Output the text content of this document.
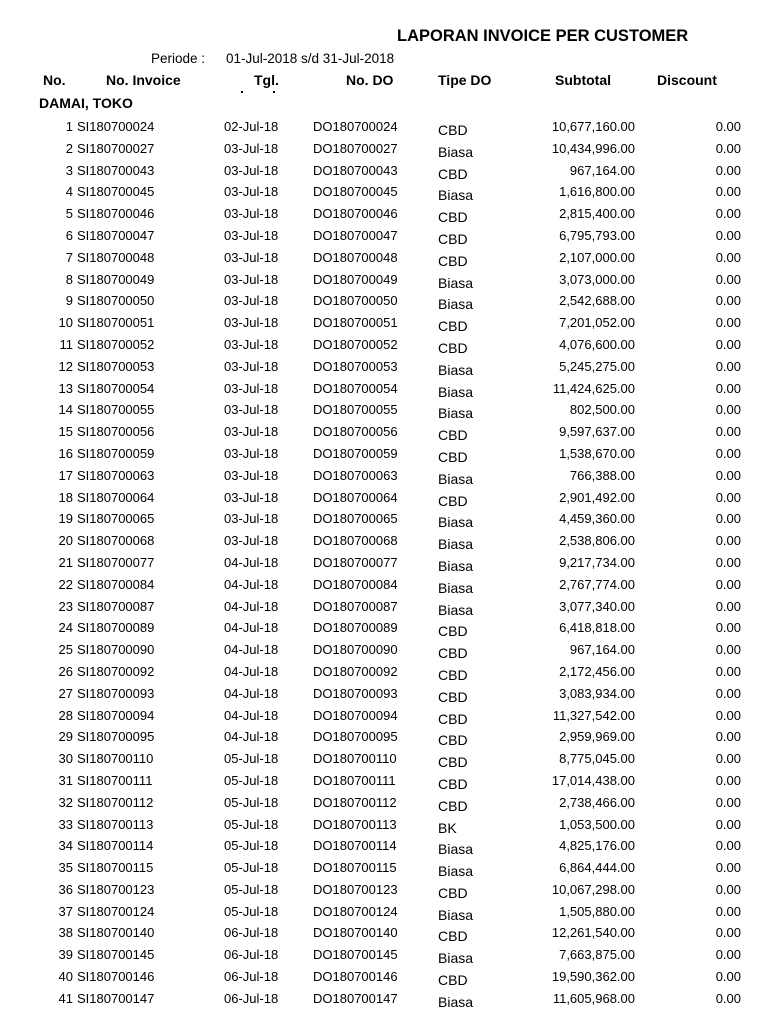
LAPORAN INVOICE PER CUSTOMER
Periode : 01-Jul-2018 s/d 31-Jul-2018
No.	No. Invoice	Tgl.	No. DO	Tipe DO	Subtotal	Discount
DAMAI, TOKO
1 SI180700024	02-Jul-18	DO180700024	CBD	10,677,160.00	0.00
2 SI180700027	03-Jul-18	DO180700027	Biasa	10,434,996.00	0.00
3 SI180700043	03-Jul-18	DO180700043	CBD	967,164.00	0.00
4 SI180700045	03-Jul-18	DO180700045	Biasa	1,616,800.00	0.00
5 SI180700046	03-Jul-18	DO180700046	CBD	2,815,400.00	0.00
6 SI180700047	03-Jul-18	DO180700047	CBD	6,795,793.00	0.00
7 SI180700048	03-Jul-18	DO180700048	CBD	2,107,000.00	0.00
8 SI180700049	03-Jul-18	DO180700049	Biasa	3,073,000.00	0.00
9 SI180700050	03-Jul-18	DO180700050	Biasa	2,542,688.00	0.00
10 SI180700051	03-Jul-18	DO180700051	CBD	7,201,052.00	0.00
11 SI180700052	03-Jul-18	DO180700052	CBD	4,076,600.00	0.00
12 SI180700053	03-Jul-18	DO180700053	Biasa	5,245,275.00	0.00
13 SI180700054	03-Jul-18	DO180700054	Biasa	11,424,625.00	0.00
14 SI180700055	03-Jul-18	DO180700055	Biasa	802,500.00	0.00
15 SI180700056	03-Jul-18	DO180700056	CBD	9,597,637.00	0.00
16 SI180700059	03-Jul-18	DO180700059	CBD	1,538,670.00	0.00
17 SI180700063	03-Jul-18	DO180700063	Biasa	766,388.00	0.00
18 SI180700064	03-Jul-18	DO180700064	CBD	2,901,492.00	0.00
19 SI180700065	03-Jul-18	DO180700065	Biasa	4,459,360.00	0.00
20 SI180700068	03-Jul-18	DO180700068	Biasa	2,538,806.00	0.00
21 SI180700077	04-Jul-18	DO180700077	Biasa	9,217,734.00	0.00
22 SI180700084	04-Jul-18	DO180700084	Biasa	2,767,774.00	0.00
23 SI180700087	04-Jul-18	DO180700087	Biasa	3,077,340.00	0.00
24 SI180700089	04-Jul-18	DO180700089	CBD	6,418,818.00	0.00
25 SI180700090	04-Jul-18	DO180700090	CBD	967,164.00	0.00
26 SI180700092	04-Jul-18	DO180700092	CBD	2,172,456.00	0.00
27 SI180700093	04-Jul-18	DO180700093	CBD	3,083,934.00	0.00
28 SI180700094	04-Jul-18	DO180700094	CBD	11,327,542.00	0.00
29 SI180700095	04-Jul-18	DO180700095	CBD	2,959,969.00	0.00
30 SI180700110	05-Jul-18	DO180700110	CBD	8,775,045.00	0.00
31 SI180700111	05-Jul-18	DO180700111	CBD	17,014,438.00	0.00
32 SI180700112	05-Jul-18	DO180700112	CBD	2,738,466.00	0.00
33 SI180700113	05-Jul-18	DO180700113	BK	1,053,500.00	0.00
34 SI180700114	05-Jul-18	DO180700114	Biasa	4,825,176.00	0.00
35 SI180700115	05-Jul-18	DO180700115	Biasa	6,864,444.00	0.00
36 SI180700123	05-Jul-18	DO180700123	CBD	10,067,298.00	0.00
37 SI180700124	05-Jul-18	DO180700124	Biasa	1,505,880.00	0.00
38 SI180700140	06-Jul-18	DO180700140	CBD	12,261,540.00	0.00
39 SI180700145	06-Jul-18	DO180700145	Biasa	7,663,875.00	0.00
40 SI180700146	06-Jul-18	DO180700146	CBD	19,590,362.00	0.00
41 SI180700147	06-Jul-18	DO180700147	Biasa	11,605,968.00	0.00
